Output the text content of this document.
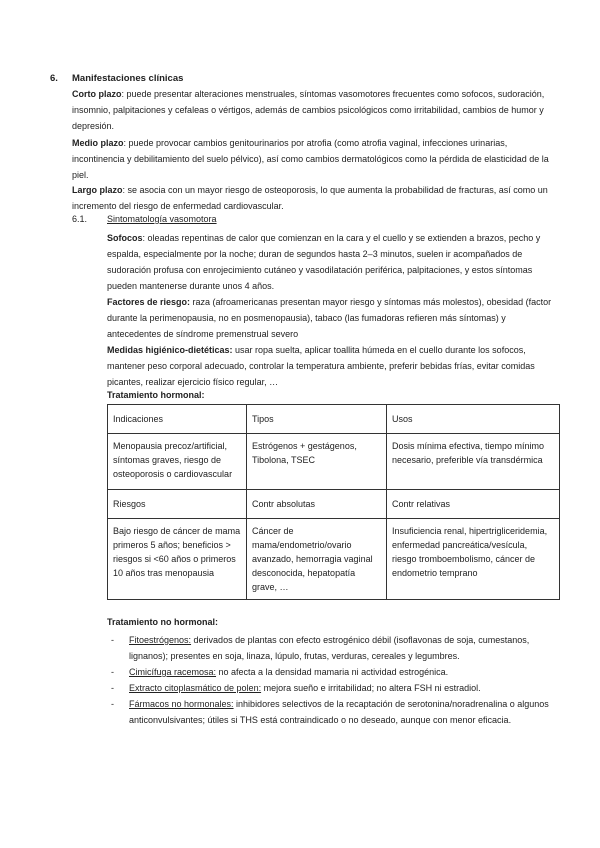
6. Manifestaciones clínicas

Corto plazo: puede presentar alteraciones menstruales, síntomas vasomotores frecuentes como sofocos, sudoración, insomnio, palpitaciones y cefaleas o vértigos, además de cambios psicológicos como irritabilidad, cambios de humor y depresión.

Medio plazo: puede provocar cambios genitourinarios por atrofia (como atrofia vaginal, infecciones urinarias, incontinencia y debilitamiento del suelo pélvico), así como cambios dermatológicos como la pérdida de elasticidad de la piel.

Largo plazo: se asocia con un mayor riesgo de osteoporosis, lo que aumenta la probabilidad de fracturas, así como un incremento del riesgo de enfermedad cardiovascular.

6.1. Sintomatología vasomotora

Sofocos: oleadas repentinas de calor que comienzan en la cara y el cuello y se extienden a brazos, pecho y espalda, especialmente por la noche; duran de segundos hasta 2–3 minutos, suelen ir acompañados de sudoración profusa con enrojecimiento cutáneo y vasodilatación periférica, palpitaciones, y estos síntomas pueden mantenerse durante unos 4 años.

Factores de riesgo: raza (afroamericanas presentan mayor riesgo y síntomas más molestos), obesidad (factor durante la perimenopausia, no en posmenopausia), tabaco (las fumadoras refieren más síntomas) y antecedentes de síndrome premenstrual severo

Medidas higiénico-dietéticas: usar ropa suelta, aplicar toallita húmeda en el cuello durante los sofocos, mantener peso corporal adecuado, controlar la temperatura ambiente, preferir bebidas frías, evitar comidas picantes, realizar ejercicio físico regular, …

Tratamiento hormonal:
Indicaciones	Tipos	Usos
Menopausia precoz/artificial, síntomas graves, riesgo de osteoporosis o cardiovascular	Estrógenos + gestágenos, Tibolona, TSEC	Dosis mínima efectiva, tiempo mínimo necesario, preferible vía transdérmica
Riesgos	Contr absolutas	Contr relativas
Bajo riesgo de cáncer de mama primeros 5 años; beneficios > riesgos si <60 años o primeros 10 años tras menopausia	Cáncer de mama/endometrio/ovario avanzado, hemorragia vaginal desconocida, hepatopatía grave, …	Insuficiencia renal, hipertrigliceridemia, enfermedad pancreática/vesícula, riesgo tromboembolismo, cáncer de endometrio temprano
Tratamiento no hormonal:
- Fitoestrógenos: derivados de plantas con efecto estrogénico débil (isoflavonas de soja, cumestanos, lignanos); presentes en soja, linaza, lúpulo, frutas, verduras, cereales y legumbres.
- Cimicífuga racemosa: no afecta a la densidad mamaria ni actividad estrogénica.
- Extracto citoplasmático de polen: mejora sueño e irritabilidad; no altera FSH ni estradiol.
- Fármacos no hormonales: inhibidores selectivos de la recaptación de serotonina/noradrenalina o algunos anticonvulsivantes; útiles si THS está contraindicado o no deseado, aunque con menor eficacia.
